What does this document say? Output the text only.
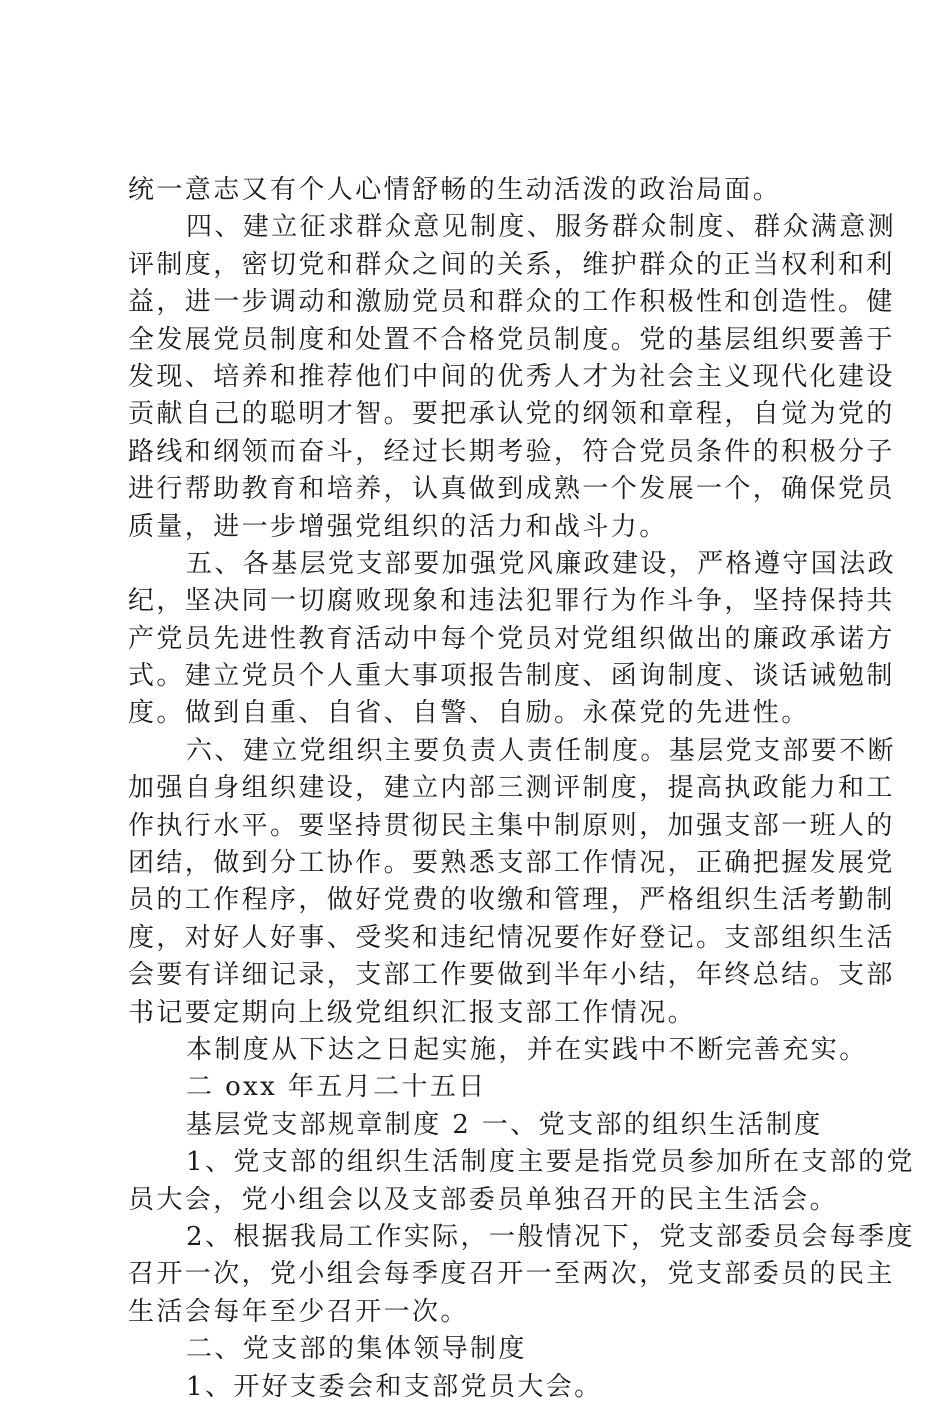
统一意志又有个人心情舒畅的生动活泼的政治局面。
四、建立征求群众意见制度、服务群众制度、群众满意测
评制度，密切党和群众之间的关系，维护群众的正当权利和利
益，进一步调动和激励党员和群众的工作积极性和创造性。健
全发展党员制度和处置不合格党员制度。党的基层组织要善于
发现、培养和推荐他们中间的优秀人才为社会主义现代化建设
贡献自己的聪明才智。要把承认党的纲领和章程，自觉为党的
路线和纲领而奋斗，经过长期考验，符合党员条件的积极分子
进行帮助教育和培养，认真做到成熟一个发展一个，确保党员
质量，进一步增强党组织的活力和战斗力。
五、各基层党支部要加强党风廉政建设，严格遵守国法政
纪，坚决同一切腐败现象和违法犯罪行为作斗争，坚持保持共
产党员先进性教育活动中每个党员对党组织做出的廉政承诺方
式。建立党员个人重大事项报告制度、函询制度、谈话诫勉制
度。做到自重、自省、自警、自励。永葆党的先进性。
六、建立党组织主要负责人责任制度。基层党支部要不断
加强自身组织建设，建立内部三测评制度，提高执政能力和工
作执行水平。要坚持贯彻民主集中制原则，加强支部一班人的
团结，做到分工协作。要熟悉支部工作情况，正确把握发展党
员的工作程序，做好党费的收缴和管理，严格组织生活考勤制
度，对好人好事、受奖和违纪情况要作好登记。支部组织生活
会要有详细记录，支部工作要做到半年小结，年终总结。支部
书记要定期向上级党组织汇报支部工作情况。
本制度从下达之日起实施，并在实践中不断完善充实。
二 oxx 年五月二十五日
基层党支部规章制度 2 一、党支部的组织生活制度
1、党支部的组织生活制度主要是指党员参加所在支部的党
员大会，党小组会以及支部委员单独召开的民主生活会。
2、根据我局工作实际，一般情况下，党支部委员会每季度
召开一次，党小组会每季度召开一至两次，党支部委员的民主
生活会每年至少召开一次。
二、党支部的集体领导制度
1、开好支委会和支部党员大会。
